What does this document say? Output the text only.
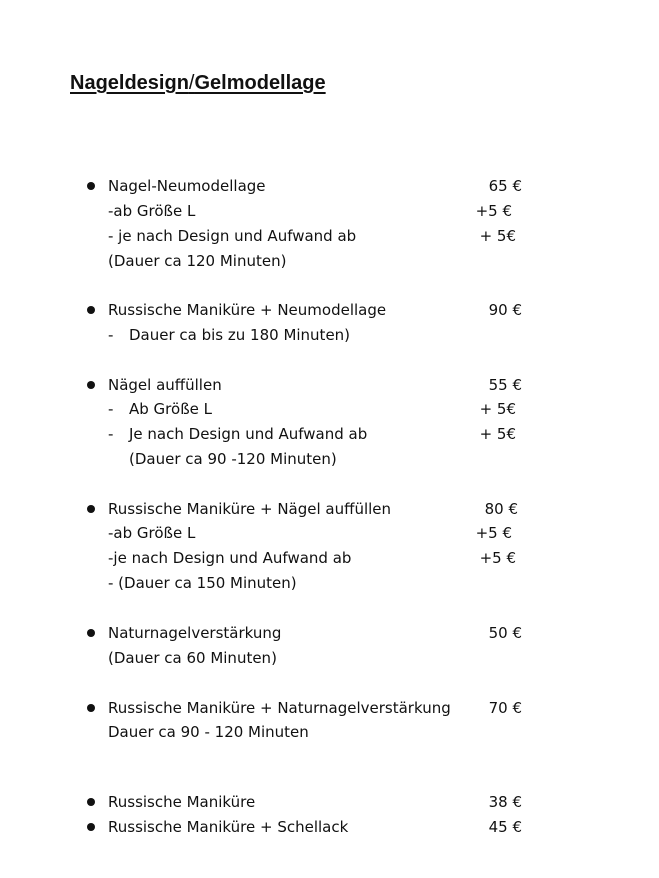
Nageldesign/Gelmodellage
Nagel-Neumodellage	65 €
-ab Größe L	+5 €
- je nach Design und Aufwand ab	+ 5€
(Dauer ca 120 Minuten)
Russische Maniküre + Neumodellage	90 €
- Dauer ca bis zu 180 Minuten)
Nägel auffüllen	55 €
- Ab Größe L	+ 5€
- Je nach Design und Aufwand ab	+ 5€
(Dauer ca 90 -120 Minuten)
Russische Maniküre + Nägel auffüllen	80 €
-ab Größe L	+5 €
-je nach Design und Aufwand ab	+5 €
- (Dauer ca 150 Minuten)
Naturnagelverstärkung	50 €
(Dauer ca 60 Minuten)
Russische Maniküre + Naturnagelverstärkung	70 €
Dauer ca 90 - 120 Minuten
Russische Maniküre	38 €
Russische Maniküre + Schellack	45 €
